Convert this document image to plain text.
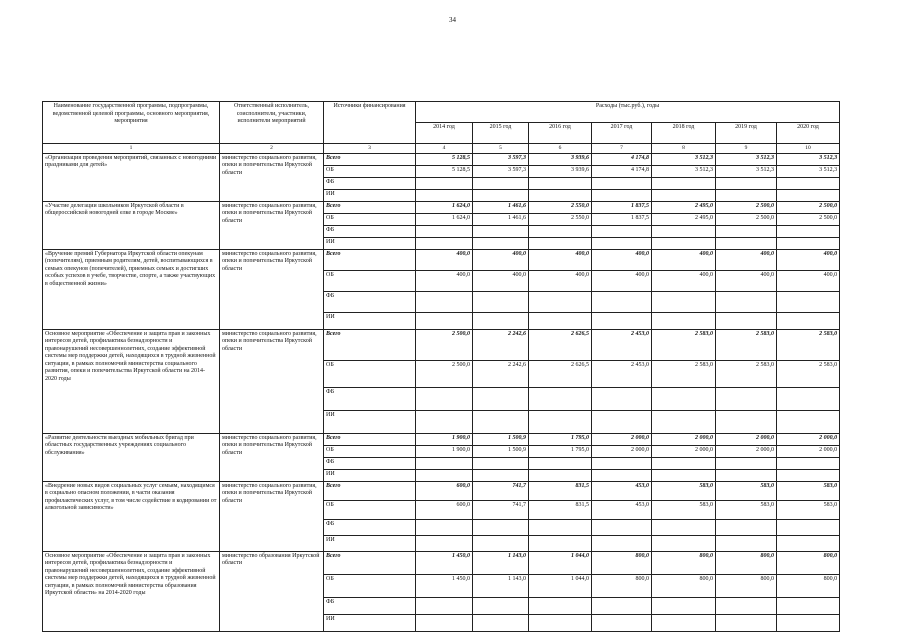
34
Наименование государственной программы, подпрограммы, ведомственной целевой программы, основного мероприятия, мероприятия	Ответственный исполнитель, соисполнители, участники, исполнители мероприятий	Источники финансирования	Расходы (тыс.руб.), годы						
			2014 год	2015 год	2016 год	2017 год	2018 год	2019 год	2020 год
1	2	3	4	5	6	7	8	9	10
«Организация проведения мероприятий, связанных с новогодними праздниками для детей»	министерство социального развития, опеки и попечительства Иркутской области	Всего	5 128,5	3 597,3	3 939,6	4 174,8	3 512,3	3 512,3	3 512,3
		ОБ	5 128,5	3 597,3	3 939,6	4 174,8	3 512,3	3 512,3	3 512,3
		ФБ							
		ИИ							
«Участие делегации школьников Иркутской области в общероссийской новогодней елке в городе Москве»	министерство социального развития, опеки и попечительства Иркутской области	Всего	1 624,0	1 461,6	2 550,0	1 837,5	2 495,0	2 500,0	2 500,0
		ОБ	1 624,0	1 461,6	2 550,0	1 837,5	2 495,0	2 500,0	2 500,0
		ФБ							
		ИИ							
«Вручение премий Губернатора Иркутской области опекунам (попечителям), приемным родителям, детей, воспитывающихся в семьях опекунов (попечителей), приемных семьях и достигших особых успехов в учебе, творчестве, спорте, а также участвующих в общественной жизни»	министерство социального развития, опеки и попечительства Иркутской области	Всего	400,0	400,0	400,0	400,0	400,0	400,0	400,0
		ОБ	400,0	400,0	400,0	400,0	400,0	400,0	400,0
		ФБ							
		ИИ							
Основное мероприятие «Обеспечение и защита прав и законных интересов детей, профилактика безнадзорности и правонарушений несовершеннолетних, создание эффективной системы мер поддержки детей, находящихся в трудной жизненной ситуации, в рамках полномочий министерства социального развития, опеки и попечительства Иркутской области на 2014-2020 годы	министерство социального развития, опеки и попечительства Иркутской области	Всего	2 500,0	2 242,6	2 626,5	2 453,0	2 583,0	2 583,0	2 583,0
		ОБ	2 500,0	2 242,6	2 626,5	2 453,0	2 583,0	2 583,0	2 583,0
		ФБ							
		ИИ							
«Развитие деятельности выездных мобильных бригад при областных государственных учреждениях социального обслуживания»	министерство социального развития, опеки и попечительства Иркутской области	Всего	1 900,0	1 500,9	1 795,0	2 000,0	2 000,0	2 000,0	2 000,0
		ОБ	1 900,0	1 500,9	1 795,0	2 000,0	2 000,0	2 000,0	2 000,0
		ФБ							
		ИИ							
«Внедрение новых видов социальных услуг семьям, находящимся в социально опасном положении, в части оказания профилактических услуг, в том числе содействие в кодировании от алкогольной зависимости»	министерство социального развития, опеки и попечительства Иркутской области	Всего	600,0	741,7	831,5	453,0	583,0	583,0	583,0
		ОБ	600,0	741,7	831,5	453,0	583,0	583,0	583,0
		ФБ							
		ИИ							
Основное мероприятие «Обеспечение и защита прав и законных интересов детей, профилактика безнадзорности и правонарушений несовершеннолетних, создание эффективной системы мер поддержки детей, находящихся в трудной жизненной ситуации, в рамках полномочий министерства образования Иркутской области» на 2014-2020 годы	министерство образования Иркутской области	Всего	1 450,0	1 143,0	1 044,0	800,0	800,0	800,0	800,0
		ОБ	1 450,0	1 143,0	1 044,0	800,0	800,0	800,0	800,0
		ФБ							
		ИИ							
